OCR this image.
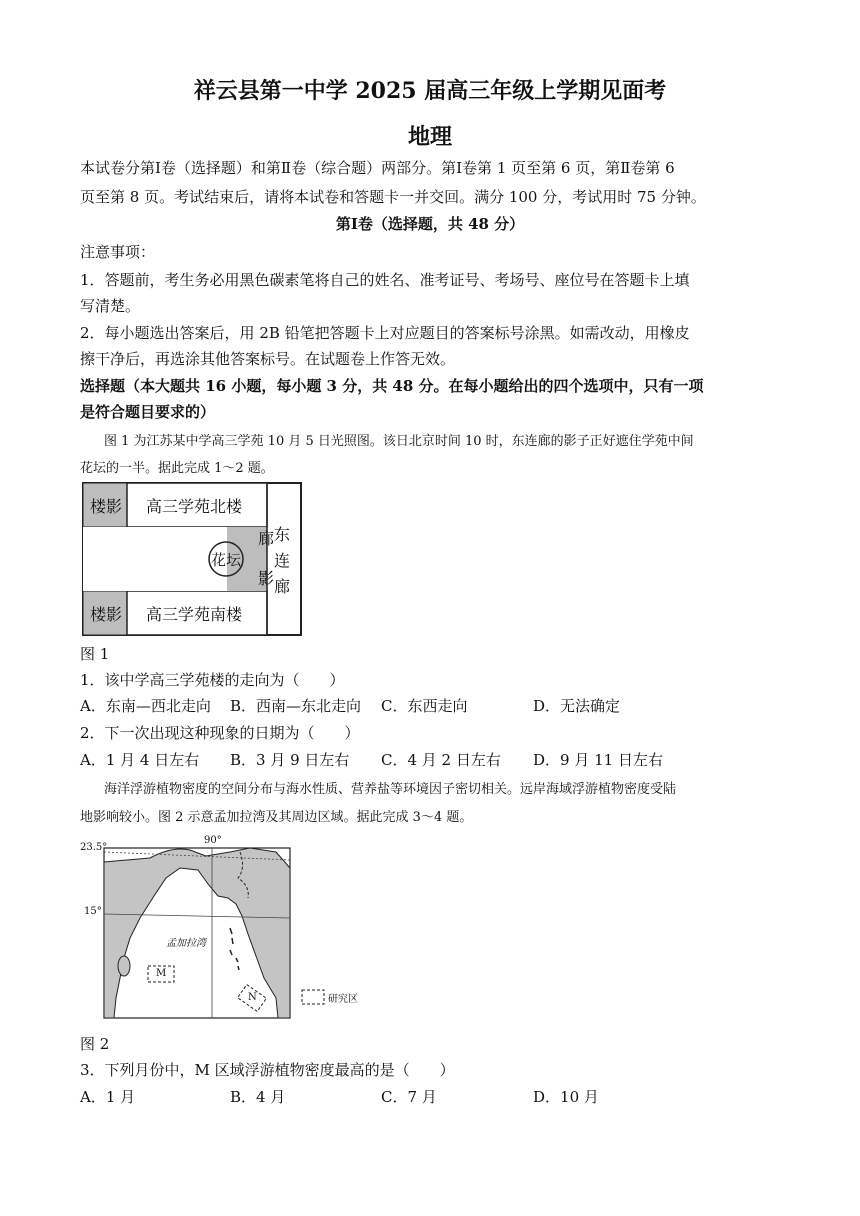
祥云县第一中学 2025 届高三年级上学期见面考
地理
本试卷分第Ⅰ卷（选择题）和第Ⅱ卷（综合题）两部分。第Ⅰ卷第 1 页至第 6 页，第Ⅱ卷第 6
页至第 8 页。考试结束后，请将本试卷和答题卡一并交回。满分 100 分，考试用时 75 分钟。
第Ⅰ卷（选择题，共 48 分）
注意事项：
1．答题前，考生务必用黑色碳素笔将自己的姓名、准考证号、考场号、座位号在答题卡上填
写清楚。
2．每小题选出答案后，用 2B 铅笔把答题卡上对应题目的答案标号涂黑。如需改动，用橡皮
擦干净后，再选涂其他答案标号。在试题卷上作答无效。
选择题（本大题共 16 小题，每小题 3 分，共 48 分。在每小题给出的四个选项中，只有一项
是符合题目要求的）
图 1 为江苏某中学高三学苑 10 月 5 日光照图。该日北京时间 10 时，东连廊的影子正好遮住学苑中间
花坛的一半。据此完成 1～2 题。
楼影 高三学苑北楼
廊
影
花坛
东
连
廊
楼影 高三学苑南楼
图 1
1．该中学高三学苑楼的走向为（　　）
A．东南—西北走向 B．西南—东北走向 C．东西走向	D．无法确定
2．下一次出现这种现象的日期为（　　）
A．1 月 4 日左右 B．3 月 9 日左右 C．4 月 2 日左右 D．9 月 11 日左右
海洋浮游植物密度的空间分布与海水性质、营养盐等环境因子密切相关。远岸海域浮游植物密度受陆
地影响较小。图 2 示意孟加拉湾及其周边区域。据此完成 3～4 题。
23.5°
15°
90°
孟加拉湾
M
N	研究区
图 2
3．下列月份中，M 区域浮游植物密度最高的是（　　）
A．1 月	B．4 月	C．7 月	D．10 月
